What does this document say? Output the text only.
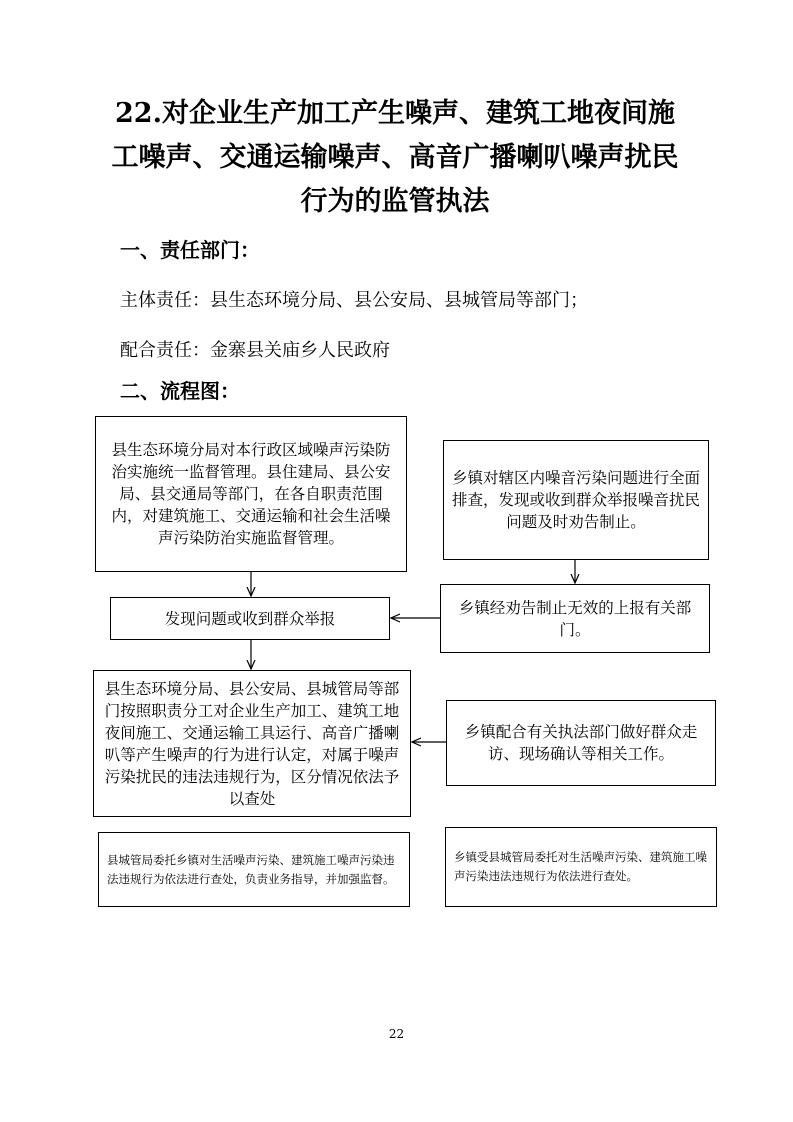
22.对企业生产加工产生噪声、建筑工地夜间施工噪声、交通运输噪声、高音广播喇叭噪声扰民行为的监管执法
一、责任部门：

主体责任：县生态环境分局、县公安局、县城管局等部门；

配合责任：金寨县关庙乡人民政府

二、流程图：
县生态环境分局对本行政区域噪声污染防治实施统一监督管理。县住建局、县公安局、县交通局等部门，在各自职责范围内，对建筑施工、交通运输和社会生活噪声污染防治实施监督管理。
乡镇对辖区内噪音污染问题进行全面排查，发现或收到群众举报噪音扰民问题及时劝告制止。
发现问题或收到群众举报
乡镇经劝告制止无效的上报有关部门。
县生态环境分局、县公安局、县城管局等部门按照职责分工对企业生产加工、建筑工地夜间施工、交通运输工具运行、高音广播喇叭等产生噪声的行为进行认定，对属于噪声污染扰民的违法违规行为，区分情况依法予以查处
乡镇配合有关执法部门做好群众走访、现场确认等相关工作。
县城管局委托乡镇对生活噪声污染、建筑施工噪声污染违法违规行为依法进行查处，负责业务指导，并加强监督。
乡镇受县城管局委托对生活噪声污染、建筑施工噪声污染违法违规行为依法进行查处。
22
